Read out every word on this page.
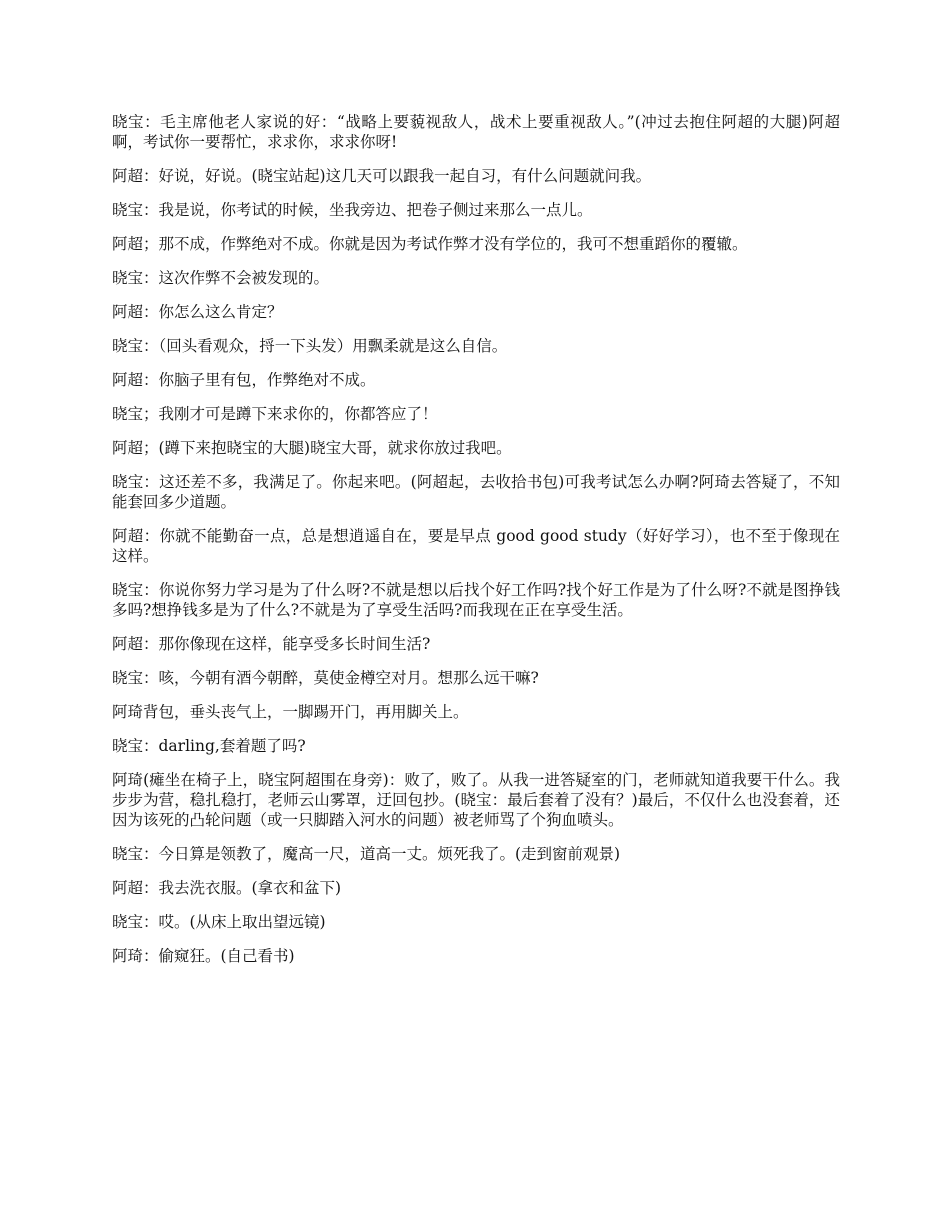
晓宝：毛主席他老人家说的好：“战略上要藐视敌人，战术上要重视敌人。”(冲过去抱住阿超的大腿)阿超啊，考试你一要帮忙，求求你，求求你呀!

阿超：好说，好说。(晓宝站起)这几天可以跟我一起自习，有什么问题就问我。

晓宝：我是说，你考试的时候，坐我旁边、把卷子侧过来那么一点儿。

阿超；那不成，作弊绝对不成。你就是因为考试作弊才没有学位的，我可不想重蹈你的覆辙。

晓宝：这次作弊不会被发现的。

阿超：你怎么这么肯定？

晓宝：（回头看观众，捋一下头发）用飘柔就是这么自信。

阿超：你脑子里有包，作弊绝对不成。

晓宝；我刚才可是蹲下来求你的，你都答应了！

阿超；(蹲下来抱晓宝的大腿)晓宝大哥，就求你放过我吧。

晓宝：这还差不多，我满足了。你起来吧。(阿超起，去收拾书包)可我考试怎么办啊?阿琦去答疑了，不知能套回多少道题。

阿超：你就不能勤奋一点，总是想逍遥自在，要是早点 good good study（好好学习），也不至于像现在这样。

晓宝：你说你努力学习是为了什么呀?不就是想以后找个好工作吗?找个好工作是为了什么呀?不就是图挣钱多吗?想挣钱多是为了什么?不就是为了享受生活吗?而我现在正在享受生活。

阿超：那你像现在这样，能享受多长时间生活?

晓宝：咳，今朝有酒今朝醉，莫使金樽空对月。想那么远干嘛?

阿琦背包，垂头丧气上，一脚踢开门，再用脚关上。

晓宝：darling,套着题了吗?

阿琦(瘫坐在椅子上，晓宝阿超围在身旁)：败了，败了。从我一进答疑室的门，老师就知道我要干什么。我步步为营，稳扎稳打，老师云山雾罩，迂回包抄。(晓宝：最后套着了没有？)最后，不仅什么也没套着，还因为该死的凸轮问题（或一只脚踏入河水的问题）被老师骂了个狗血喷头。

晓宝：今日算是领教了，魔高一尺，道高一丈。烦死我了。(走到窗前观景)

阿超：我去洗衣服。(拿衣和盆下)

晓宝：哎。(从床上取出望远镜)

阿琦：偷窥狂。(自己看书)
